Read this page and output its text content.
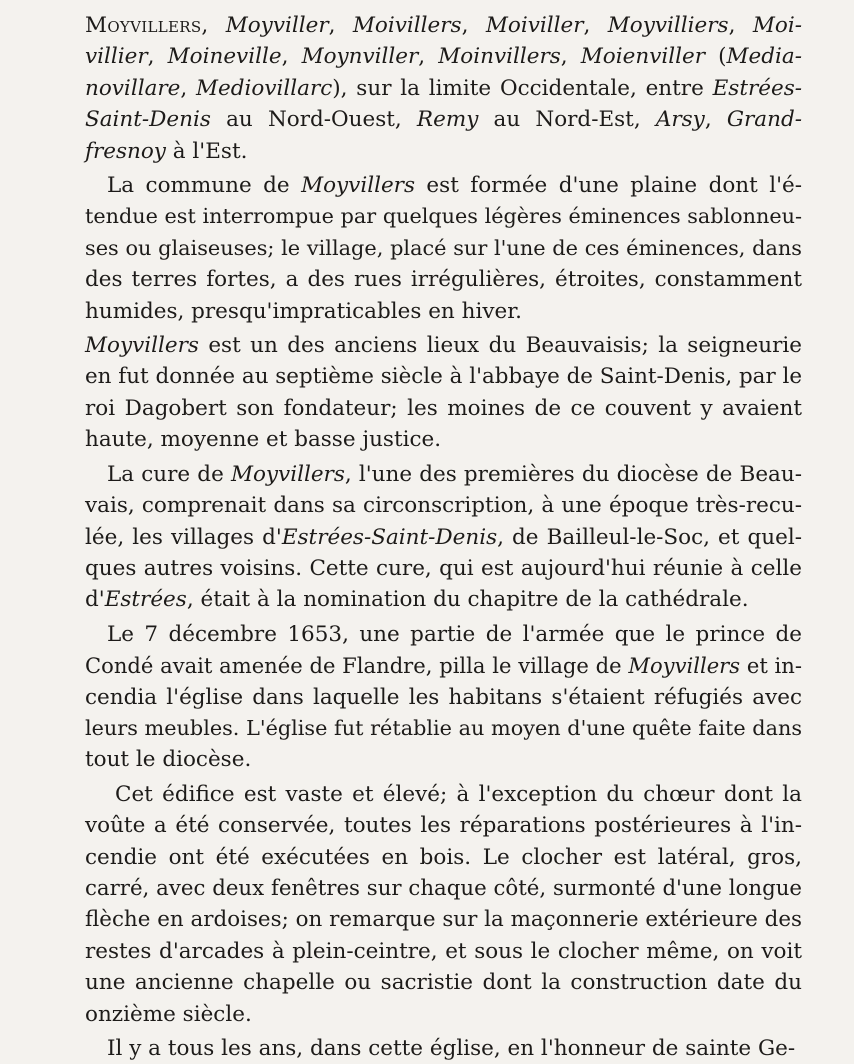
Moyvillers, Moyviller, Moivillers, Moiviller, Moyvilliers, Moi-
villier, Moineville, Moynviller, Moinvillers, Moienviller (Media-
novillare, Mediovillarc), sur la limite Occidentale, entre Estrées-
Saint-Denis au Nord-Ouest, Remy au Nord-Est, Arsy, Grand-
fresnoy à l'Est.

La commune de Moyvillers est formée d'une plaine dont l'é-
tendue est interrompue par quelques légères éminences sablonneu-
ses ou glaiseuses; le village, placé sur l'une de ces éminences, dans
des terres fortes, a des rues irrégulières, étroites, constamment
humides, presqu'impraticables en hiver.

Moyvillers est un des anciens lieux du Beauvaisis; la seigneurie
en fut donnée au septième siècle à l'abbaye de Saint-Denis, par le
roi Dagobert son fondateur; les moines de ce couvent y avaient
haute, moyenne et basse justice.

La cure de Moyvillers, l'une des premières du diocèse de Beau-
vais, comprenait dans sa circonscription, à une époque très-recu-
lée, les villages d'Estrées-Saint-Denis, de Bailleul-le-Soc, et quel-
ques autres voisins. Cette cure, qui est aujourd'hui réunie à celle
d'Estrées, était à la nomination du chapitre de la cathédrale.

Le 7 décembre 1653, une partie de l'armée que le prince de
Condé avait amenée de Flandre, pilla le village de Moyvillers et in-
cendia l'église dans laquelle les habitans s'étaient réfugiés avec
leurs meubles. L'église fut rétablie au moyen d'une quête faite dans
tout le diocèse.

Cet édifice est vaste et élevé; à l'exception du chœur dont la
voûte a été conservée, toutes les réparations postérieures à l'in-
cendie ont été exécutées en bois. Le clocher est latéral, gros,
carré, avec deux fenêtres sur chaque côté, surmonté d'une longue
flèche en ardoises; on remarque sur la maçonnerie extérieure des
restes d'arcades à plein-ceintre, et sous le clocher même, on voit
une ancienne chapelle ou sacristie dont la construction date du
onzième siècle.

Il y a tous les ans, dans cette église, en l'honneur de sainte Ge-
